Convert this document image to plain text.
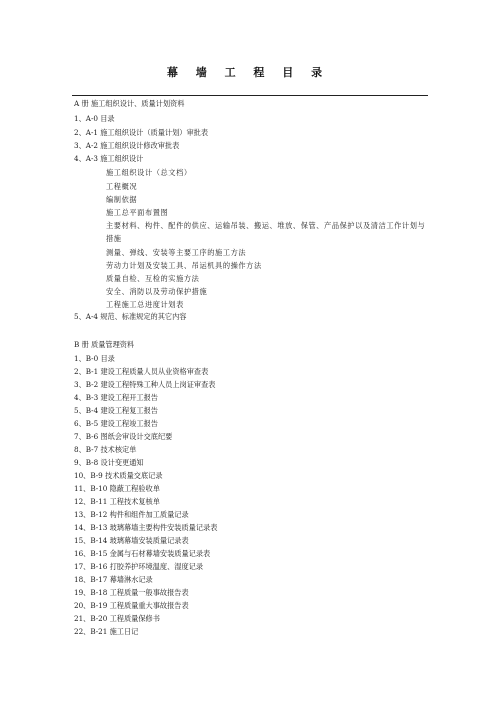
幕 墙 工 程 目 录
A 册 施工组织设计、质量计划资料
1、A-0 目录
2、A-1 施工组织设计（质量计划）审批表
3、A-2 施工组织设计修改审批表
4、A-3 施工组织设计
施工组织设计（总文档）
工程概况
编制依据
施工总平面布置图
主要材料、构件、配件的供应、运输吊装、搬运、堆放、保管、产品保护以及清洁工作计划与措施
测量、弹线、安装等主要工序的施工方法
劳动力计划及安装工具、吊运机具的操作方法
质量自检、互检的实施方法
安全、消防以及劳动保护措施
工程施工总进度计划表
5、A-4 规范、标准规定的其它内容
B 册 质量管理资料
1、B-0 目录
2、B-1 建设工程质量人员从业资格审查表
3、B-2 建设工程特殊工种人员上岗证审查表
4、B-3 建设工程开工报告
5、B-4 建设工程复工报告
6、B-5 建设工程竣工报告
7、B-6 图纸会审设计交底纪要
8、B-7 技术核定单
9、B-8 设计变更通知
10、B-9 技术质量交底记录
11、B-10 隐蔽工程验收单
12、B-11 工程技术复核单
13、B-12 构件和组件加工质量记录
14、B-13 玻璃幕墙主要构件安装质量记录表
15、B-14 玻璃幕墙安装质量记录表
16、B-15 金属与石材幕墙安装质量记录表
17、B-16 打胶养护环境温度、湿度记录
18、B-17 幕墙淋水记录
19、B-18 工程质量一般事故报告表
20、B-19 工程质量重大事故报告表
21、B-20 工程质量保修书
22、B-21 施工日记
